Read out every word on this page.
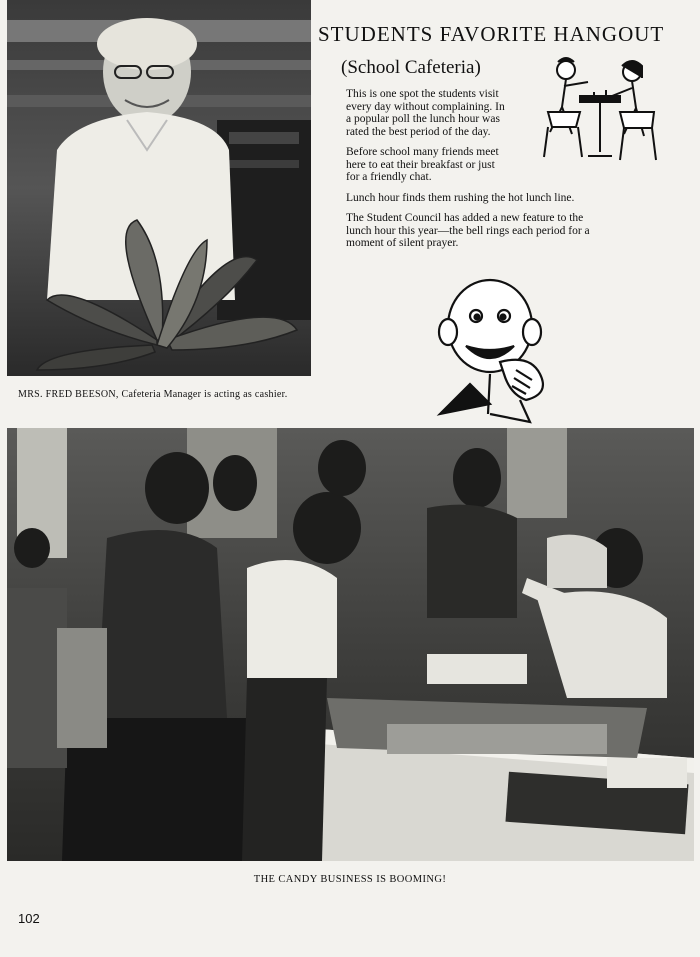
MRS. FRED BEESON, Cafeteria Manager is acting as cashier.
STUDENTS FAVORITE HANGOUT
(School Cafeteria)

This is one spot the students visit every day without complaining. In a popular poll the lunch hour was rated the best period of the day.

Before school many friends meet here to eat their breakfast or just for a friendly chat.

Lunch hour finds them rushing the hot lunch line.

The Student Council has added a new feature to the lunch hour this year—the bell rings each period for a moment of silent prayer.

THE CANDY BUSINESS IS BOOMING!
102
